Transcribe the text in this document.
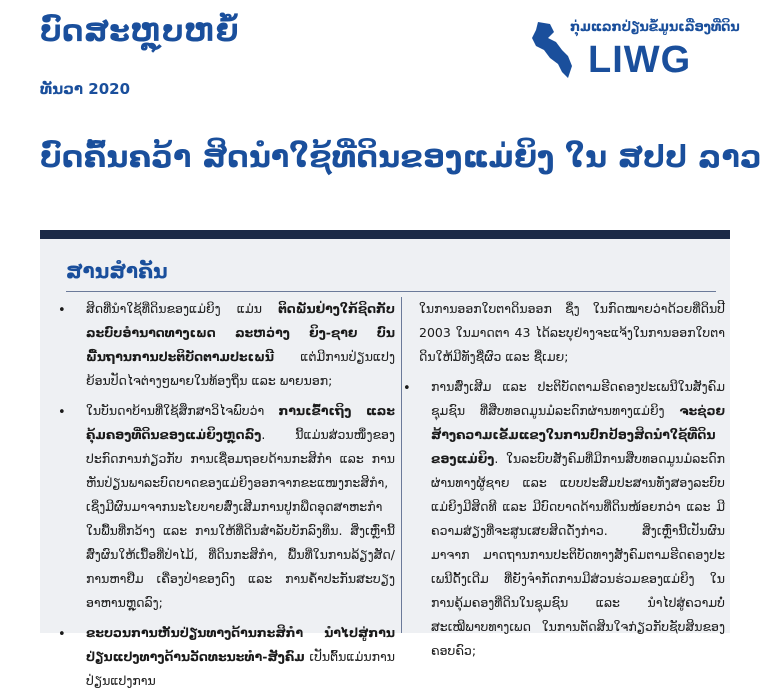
ບົດສະຫຼຸບຫຍໍ້
ທັນວາ 2020
ກຸ່ມແລກປ່ຽນຂໍ້ມູນເລື່ອງທີ່ດິນ
LIWG
ບົດຄົ້ນຄວ້າ ສິດນຳໃຊ້ທີ່ດິນຂອງແມ່ຍິງ ໃນ ສປປ ລາວ
ສານສຳຄັນ
• ສິດທີ່ນຳໃຊ້ທີ່ດິນຂອງແມ່ຍິງ ແມ່ນ ຕິດພັນຢ່າງໃກ້ຊິດກັບລະບົບອຳນາດທາງເພດ ລະຫວ່າງ ຍິງ-ຊາຍ ບົນພື້ນຖານການປະຕິບັດຕາມປະເພນີ ແຕ່ມີການປ່ຽນແປງ ຍ້ອນປັດໄຈຕ່າງໆພາຍໃນທ້ອງຖິ່ນ ແລະ ພາຍນອກ;
• ໃນບັນດາບ້ານທີ່ໃຊ້ສຶກສາວິໄຈພົບວ່າ ການເຂົ້າເຖິງ ແລະ ຄຸ້ມຄອງທີ່ດິນຂອງແມ່ຍິງຫຼຸດລົງ. ນີ້ແມ່ນສ່ວນໜຶ່ງຂອງ ປະກົດການກ່ຽວກັບ ການເຊື່ອມຖອຍດ້ານກະສິກຳ ແລະ ການຫັນປ່ຽນພາລະບົດບາດຂອງແມ່ຍິງອອກຈາກຂະແໜງກະສິກຳ, ເຊິ່ງມີຜົນມາຈາກນະໂຍບາຍສົ່ງເສີມການປູກພືດອຸດສາຫະກຳ ໃນພື້ນທີ່ກວ້າງ ແລະ ການໃຫ້ທີ່ດິນສຳລັບບັກລົງທຶນ. ສິ່ງເຫຼົ່ານີ້ສົ່ງຜົນໃຫ້ເນື້ອທີ່ປ່າໄມ້, ທີ່ດິນກະສິກຳ, ພື້ນທີ່ໃນການລ້ຽງສັດ/ການຫາຢືມ ເຄື່ອງປ່າຂອງດົງ ແລະ ການຄ້ຳປະກັນສະບຽງອາຫານຫຼຸດລົງ;
• ຂະບວນການຫັນປ່ຽນທາງດ້ານກະສິກຳ ນຳໄປສູ່ການປ່ຽນແປງທາງດ້ານວັດທະນະທຳ-ສັງຄົມ ເປັນຕົ້ນແມ່ນການປ່ຽນແປງການ
ໃນການອອກໃບຕາດິນອອກ ຊຶ່ງ ໃນກົດໝາຍວ່າດ້ວຍທີ່ດິນປີ 2003 ໃນມາດຕາ 43 ໄດ້ລະບຸຢ່າງຈະແຈ້ງໃນການອອກໃບຕາດິນໃຫ້ມີທັງຊື່ຜົວ ແລະ ຊື່ເມຍ;
• ການສົ່ງເສີມ ແລະ ປະຕິບັດຕາມຮີດຄອງປະເພນີໃນສັງຄົມຊຸມຊົນ ທີ່ສືບທອດມູນມໍລະດົກຜ່ານທາງແມ່ຍິງ ຈະຊ່ວຍສ້າງຄວາມເຂັ້ມແຂງໃນການປົກປ້ອງສິດນຳໃຊ້ທີ່ດິນຂອງແມ່ຍິງ. ໃນລະບົບສັງຄົມທີ່ມີການສືບທອດມູນມໍລະດົກຜ່ານທາງຜູ້ຊາຍ ແລະ ແບບປະສົມປະສານທັງສອງລະບົບ ແມ່ຍິງມີສິດທີ ແລະ ມີບົດບາດດ້ານທີ່ດິນໜ້ອຍກວ່າ ແລະ ມີຄວາມສ່ຽງທີ່ຈະສູນເສຍສິດດັ່ງກ່າວ. ສິ່ງເຫຼົ່ານີ້ເປັນຜົນມາຈາກ ມາດຖານການປະຕິບັດທາງສັງຄົມຕາມຮີດຄອງປະເພນີດັ້ງເດີມ ທີ່ຍັງຈຳກັດການມີສ່ວນຮ່ວມຂອງແມ່ຍິງ ໃນການຄຸ້ມຄອງທີ່ດິນໃນຊຸມຊົນ ແລະ ນຳໄປສູ່ຄວາມບໍ່ສະເໝີພາບທາງເພດ ໃນການຕັດສິນໃຈກ່ຽວກັບຊັບສິນຂອງຄອບຄົວ;
